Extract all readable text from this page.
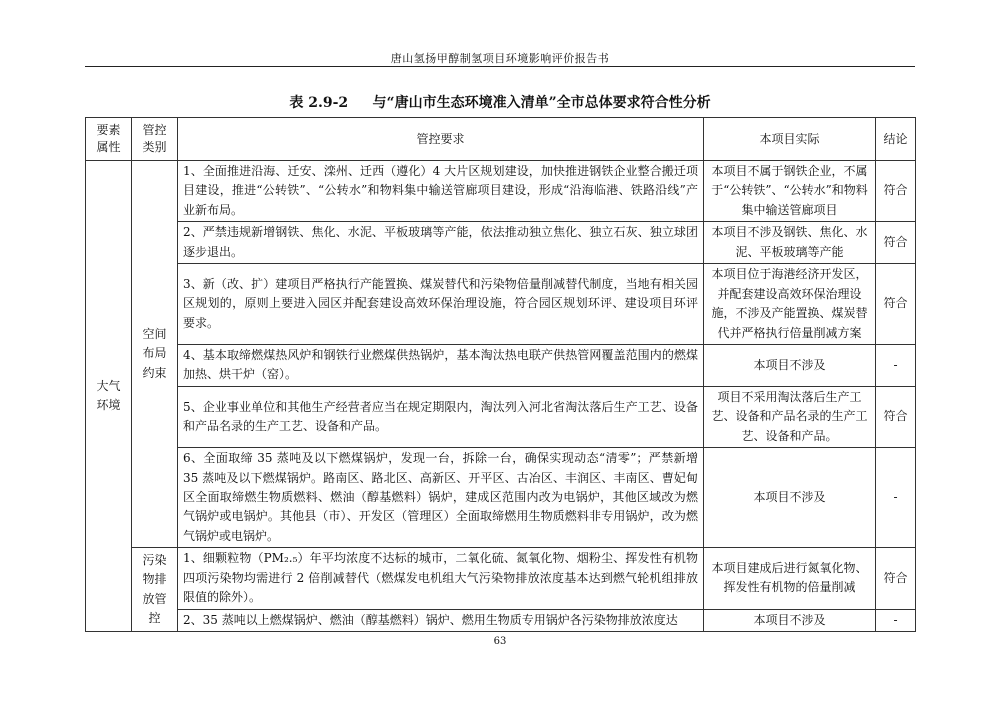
唐山氢扬甲醇制氢项目环境影响评价报告书
表 2.9-2 与“唐山市生态环境准入清单”全市总体要求符合性分析
要素属性	管控类别	管控要求	本项目实际	结论
大气环境	空间布局约束	1、全面推进沿海、迁安、滦州、迁西（遵化）4 大片区规划建设，加快推进钢铁企业整合搬迁项目建设，推进“公转铁”、“公转水”和物料集中输送管廊项目建设，形成“沿海临港、铁路沿线”产业新布局。	本项目不属于钢铁企业，不属于“公转铁”、“公转水”和物料集中输送管廊项目	符合
		2、严禁违规新增钢铁、焦化、水泥、平板玻璃等产能，依法推动独立焦化、独立石灰、独立球团逐步退出。	本项目不涉及钢铁、焦化、水泥、平板玻璃等产能	符合
		3、新（改、扩）建项目严格执行产能置换、煤炭替代和污染物倍量削减替代制度，当地有相关园区规划的，原则上要进入园区并配套建设高效环保治理设施，符合园区规划环评、建设项目环评要求。	本项目位于海港经济开发区，并配套建设高效环保治理设施，不涉及产能置换、煤炭替代并严格执行倍量削减方案	符合
		4、基本取缔燃煤热风炉和钢铁行业燃煤供热锅炉，基本淘汰热电联产供热管网覆盖范围内的燃煤加热、烘干炉（窑）。	本项目不涉及	-
		5、企业事业单位和其他生产经营者应当在规定期限内，淘汰列入河北省淘汰落后生产工艺、设备和产品名录的生产工艺、设备和产品。	项目不采用淘汰落后生产工艺、设备和产品名录的生产工艺、设备和产品。	符合
		6、全面取缔 35 蒸吨及以下燃煤锅炉，发现一台，拆除一台，确保实现动态“清零”；严禁新增 35 蒸吨及以下燃煤锅炉。路南区、路北区、高新区、开平区、古冶区、丰润区、丰南区、曹妃甸区全面取缔燃生物质燃料、燃油（醇基燃料）锅炉，建成区范围内改为电锅炉，其他区域改为燃气锅炉或电锅炉。其他县（市）、开发区（管理区）全面取缔燃用生物质燃料非专用锅炉，改为燃气锅炉或电锅炉。	本项目不涉及	-
	污染物排放管控	1、细颗粒物（PM₂.₅）年平均浓度不达标的城市，二氧化硫、氮氧化物、烟粉尘、挥发性有机物四项污染物均需进行 2 倍削减替代（燃煤发电机组大气污染物排放浓度基本达到燃气轮机组排放限值的除外）。	本项目建成后进行氮氧化物、挥发性有机物的倍量削减	符合
		2、35 蒸吨以上燃煤锅炉、燃油（醇基燃料）锅炉、燃用生物质专用锅炉各污染物排放浓度达	本项目不涉及	-
63
